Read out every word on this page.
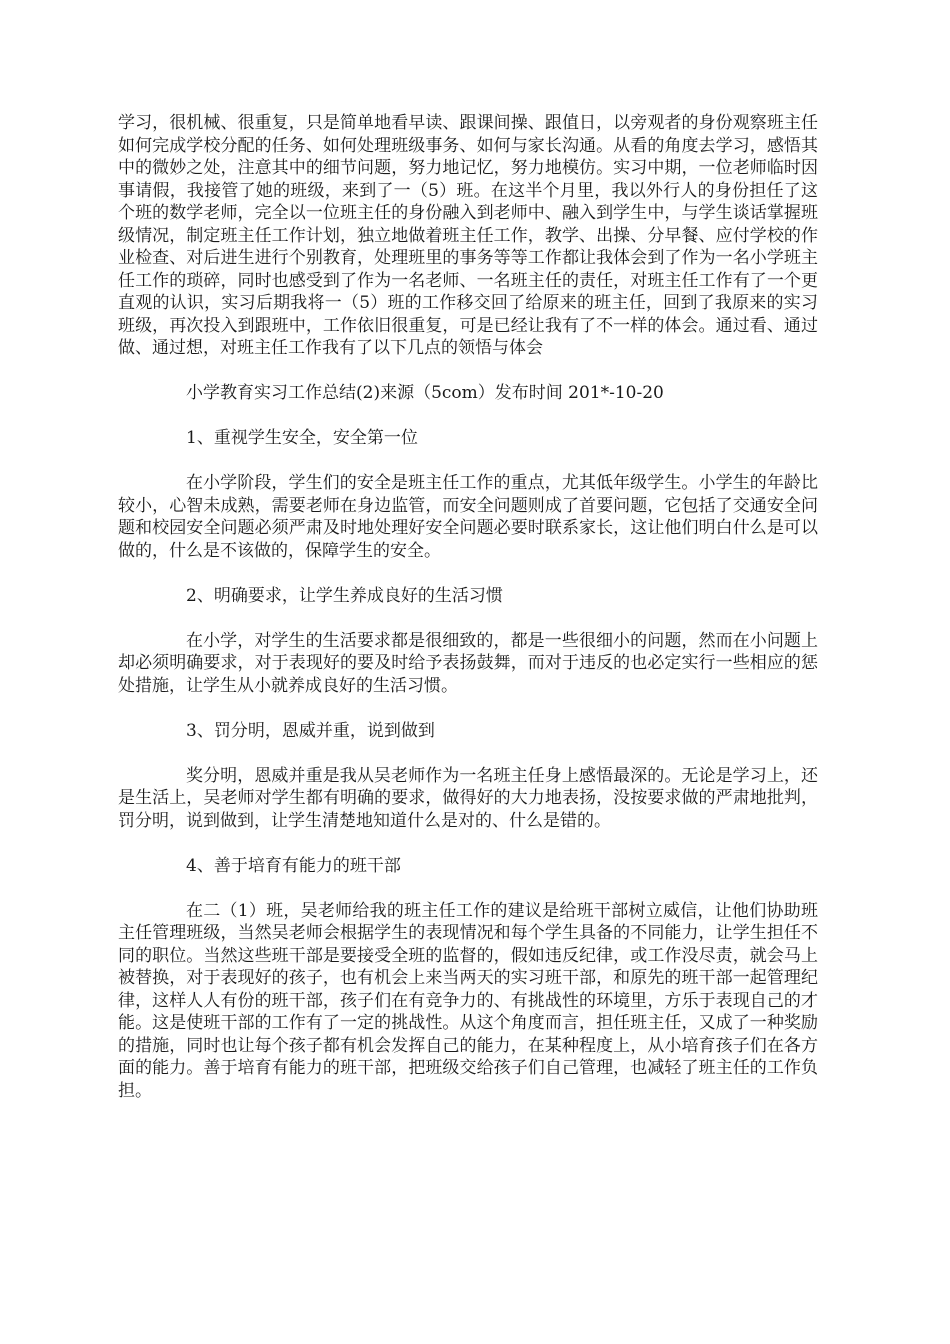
学习，很机械、很重复，只是简单地看早读、跟课间操、跟值日，以旁观者的身份观察班主任如何完成学校分配的任务、如何处理班级事务、如何与家长沟通。从看的角度去学习，感悟其中的微妙之处，注意其中的细节问题，努力地记忆，努力地模仿。实习中期，一位老师临时因事请假，我接管了她的班级，来到了一（5）班。在这半个月里，我以外行人的身份担任了这个班的数学老师，完全以一位班主任的身份融入到老师中、融入到学生中，与学生谈话掌握班级情况，制定班主任工作计划，独立地做着班主任工作，教学、出操、分早餐、应付学校的作业检查、对后进生进行个别教育，处理班里的事务等等工作都让我体会到了作为一名小学班主任工作的琐碎，同时也感受到了作为一名老师、一名班主任的责任，对班主任工作有了一个更直观的认识，实习后期我将一（5）班的工作移交回了给原来的班主任，回到了我原来的实习班级，再次投入到跟班中，工作依旧很重复，可是已经让我有了不一样的体会。通过看、通过做、通过想，对班主任工作我有了以下几点的领悟与体会

小学教育实习工作总结(2)来源（5com）发布时间 201*-10-20

1、重视学生安全，安全第一位

在小学阶段，学生们的安全是班主任工作的重点，尤其低年级学生。小学生的年龄比较小，心智未成熟，需要老师在身边监管，而安全问题则成了首要问题，它包括了交通安全问题和校园安全问题必须严肃及时地处理好安全问题必要时联系家长，这让他们明白什么是可以做的，什么是不该做的，保障学生的安全。

2、明确要求，让学生养成良好的生活习惯

在小学，对学生的生活要求都是很细致的，都是一些很细小的问题，然而在小问题上却必须明确要求，对于表现好的要及时给予表扬鼓舞，而对于违反的也必定实行一些相应的惩处措施，让学生从小就养成良好的生活习惯。

3、罚分明，恩威并重，说到做到

奖分明，恩威并重是我从吴老师作为一名班主任身上感悟最深的。无论是学习上，还是生活上，吴老师对学生都有明确的要求，做得好的大力地表扬，没按要求做的严肃地批判，罚分明，说到做到，让学生清楚地知道什么是对的、什么是错的。

4、善于培育有能力的班干部

在二（1）班，吴老师给我的班主任工作的建议是给班干部树立威信，让他们协助班主任管理班级，当然吴老师会根据学生的表现情况和每个学生具备的不同能力，让学生担任不同的职位。当然这些班干部是要接受全班的监督的，假如违反纪律，或工作没尽责，就会马上被替换，对于表现好的孩子，也有机会上来当两天的实习班干部，和原先的班干部一起管理纪律，这样人人有份的班干部，孩子们在有竞争力的、有挑战性的环境里，方乐于表现自己的才能。这是使班干部的工作有了一定的挑战性。从这个角度而言，担任班主任，又成了一种奖励的措施，同时也让每个孩子都有机会发挥自己的能力，在某种程度上，从小培育孩子们在各方面的能力。善于培育有能力的班干部，把班级交给孩子们自己管理，也减轻了班主任的工作负担。
